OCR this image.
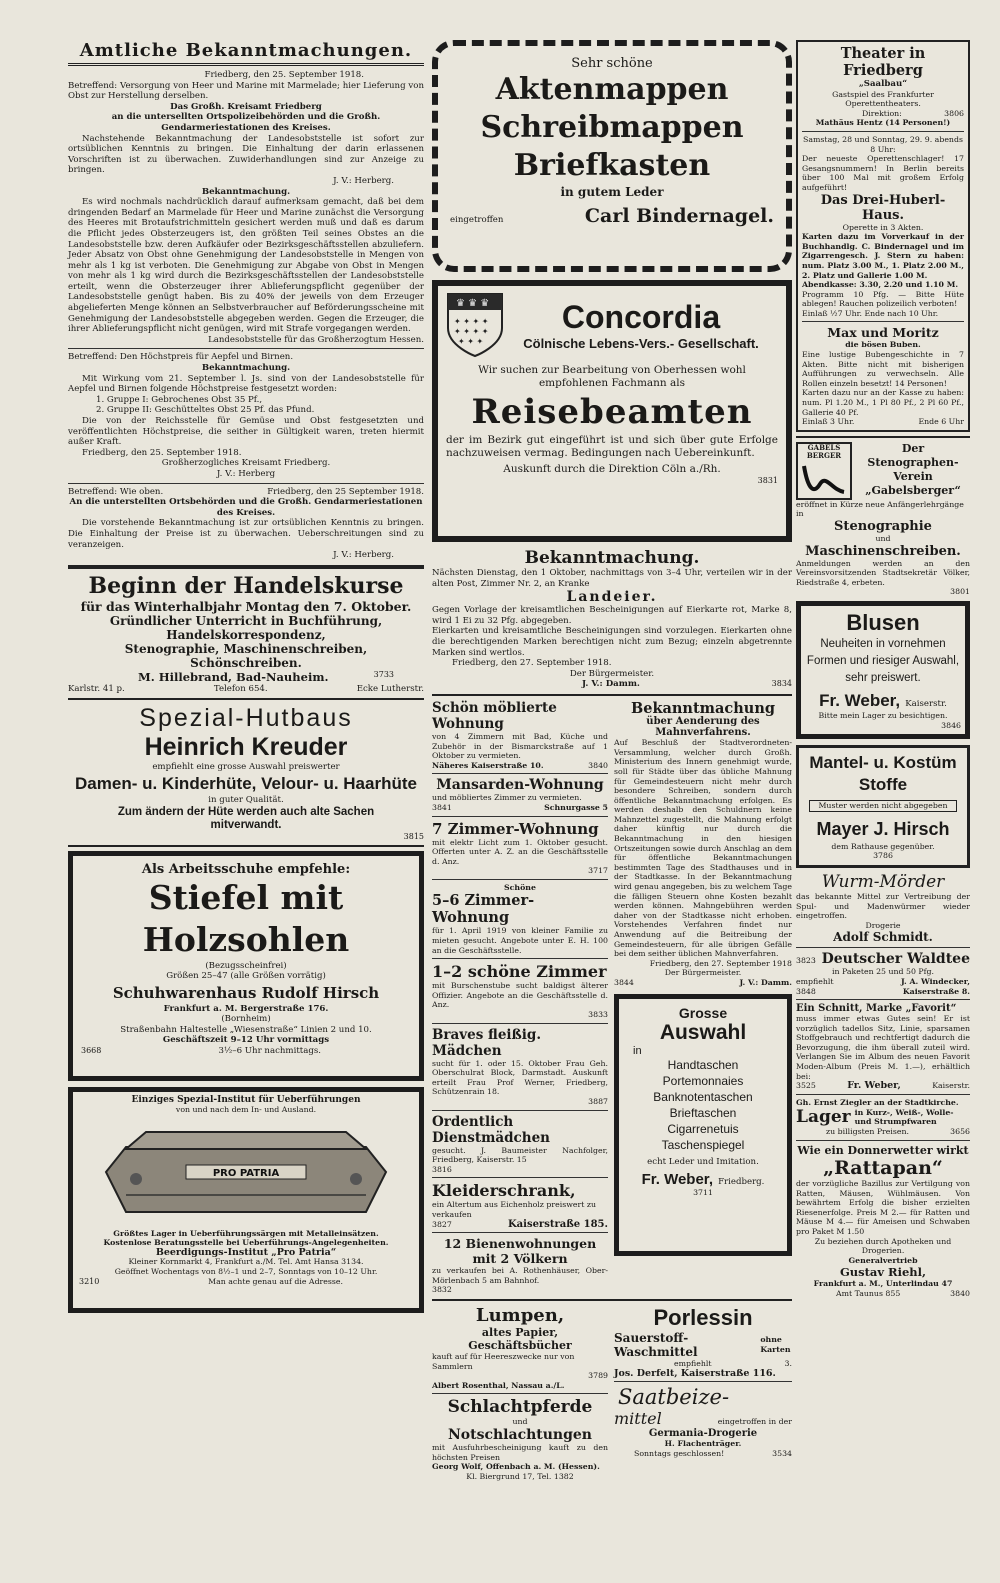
Amtliche Bekanntmachungen.

Friedberg, den 25. September 1918.

Betreffend: Versorgung von Heer und Marine mit Marmelade; hier Lieferung von Obst zur Herstellung derselben.

Das Großh. Kreisamt Friedberg

an die untersellten Ortspolizeibehörden und die Großh. Gendarmeriestationen des Kreises.

Nachstehende Bekanntmachung der Landesobststelle ist sofort zur ortsüblichen Kenntnis zu bringen. Die Einhaltung der darin erlassenen Vorschriften ist zu überwachen. Zuwiderhandlungen sind zur Anzeige zu bringen.

J. V.: Herberg.

Bekanntmachung.

Es wird nochmals nachdrücklich darauf aufmerksam gemacht, daß bei dem dringenden Bedarf an Marmelade für Heer und Marine zunächst die Versorgung des Heeres mit Brotaufstrichmitteln gesichert werden muß und daß es darum die Pflicht jedes Obsterzeugers ist, den größten Teil seines Obstes an die Landesobststelle bzw. deren Aufkäufer oder Bezirksgeschäftsstellen abzuliefern. Jeder Absatz von Obst ohne Genehmigung der Landesobststelle in Mengen von mehr als 1 kg ist verboten. Die Genehmigung zur Abgabe von Obst in Mengen von mehr als 1 kg wird durch die Bezirksgeschäftsstellen der Landesobststelle erteilt, wenn die Obsterzeuger ihrer Ablieferungspflicht gegenüber der Landesobststelle genügt haben. Bis zu 40% der jeweils von dem Erzeuger abgelieferten Menge können an Selbstverbraucher auf Beförderungsscheine mit Genehmigung der Landesobststelle abgegeben werden. Gegen die Erzeuger, die ihrer Ablieferungspflicht nicht genügen, wird mit Strafe vorgegangen werden.

Landesobststelle für das Großherzogtum Hessen.

Betreffend: Den Höchstpreis für Aepfel und Birnen.

Bekanntmachung.

Mit Wirkung vom 21. September l. Js. sind von der Landesobststelle für Aepfel und Birnen folgende Höchstpreise festgesetzt worden:

1. Gruppe I: Gebrochenes Obst 35 Pf.,

2. Gruppe II: Geschütteltes Obst 25 Pf. das Pfund.

Die von der Reichsstelle für Gemüse und Obst festgesetzten und veröffentlichten Höchstpreise, die seither in Gültigkeit waren, treten hiermit außer Kraft.

Friedberg, den 25. September 1918.

Großherzogliches Kreisamt Friedberg.

J. V.: Herberg

Betreffend: Wie oben.	Friedberg, den 25 September 1918.

An die unterstellten Ortsbehörden und die Großh. Gendarmeriestationen des Kreises.

Die vorstehende Bekanntmachung ist zur ortsüblichen Kenntnis zu bringen. Die Einhaltung der Preise ist zu überwachen. Ueberschreitungen sind zu veranzeigen.

J. V.: Herberg.

Beginn der Handelskurse
für das Winterhalbjahr Montag den 7. Oktober.
Gründlicher Unterricht in Buchführung, Handelskorrespondenz,
Stenographie, Maschinenschreiben, Schönschreiben.
M. Hillebrand, Bad-Nauheim.	3733
Karlstr. 41 p.	Telefon 654.	Ecke Lutherstr.
Spezial-Hutbaus
Heinrich Kreuder
empfiehlt eine grosse Auswahl preiswerter
Damen- u. Kinderhüte, Velour- u. Haarhüte
in guter Qualität.
Zum ändern der Hüte werden auch alte Sachen mitverwandt.
3815
Als Arbeitsschuhe empfehle:
Stiefel mit Holzsohlen
(Bezugsscheinfrei)
Größen 25–47 (alle Größen vorrätig)
Schuhwarenhaus Rudolf Hirsch
Frankfurt a. M. Bergerstraße 176.
(Bornheim)
Straßenbahn Haltestelle „Wiesenstraße“ Linien 2 und 10.
Geschäftszeit 9–12 Uhr vormittags
3668	3½–6 Uhr nachmittags.
Einziges Spezial-Institut für Ueberführungen
von und nach dem In- und Ausland.
PRO PATRIA
Größtes Lager in Ueberführungssärgen mit Metalleinsätzen.
Kostenlose Beratungsstelle bei Ueberführungs-Angelegenheiten.
Beerdigungs-Institut „Pro Patria“
Kleiner Kornmarkt 4, Frankfurt a./M. Tel. Amt Hansa 3134.
Geöffnet Wochentags von 8½–1 und 2–7, Sonntags von 10–12 Uhr.
3210	Man achte genau auf die Adresse.
Sehr schöne
Aktenmappen
Schreibmappen
Briefkasten
in gutem Leder
eingetroffen	Carl Bindernagel.
♛ ♛ ♛
✦ ✦ ✦ ✦
✦ ✦ ✦ ✦
✦ ✦ ✦
Concordia
Cölnische Lebens-Vers.- Gesellschaft.
Wir suchen zur Bearbeitung von Oberhessen wohl empfohlenen Fachmann als
Reisebeamten
der im Bezirk gut eingeführt ist und sich über gute Erfolge nachzuweisen vermag. Bedingungen nach Uebereinkunft.
Auskunft durch die Direktion Cöln a./Rh.
3831
Bekanntmachung.
Nächsten Dienstag, den 1 Oktober, nachmittags von 3–4 Uhr, verteilen wir in der alten Post, Zimmer Nr. 2, an Kranke
Landeier.
Gegen Vorlage der kreisamtlichen Bescheinigungen auf Eierkarte rot, Marke 8, wird 1 Ei zu 32 Pfg. abgegeben.
Eierkarten und kreisamtliche Bescheinigungen sind vorzulegen. Eierkarten ohne die berechtigenden Marken berechtigen nicht zum Bezug; einzeln abgetrennte Marken sind wertlos.
Friedberg, den 27. September 1918.
Der Bürgermeister.
J. V.: Damm.	3834
Schön möblierte Wohnung
von 4 Zimmern mit Bad, Küche und Zubehör in der Bismarckstraße auf 1 Oktober zu vermieten.
Näheres Kaiserstraße 10.	3840
Mansarden-Wohnung
und möbliertes Zimmer zu vermieten.
3841	Schnurgasse 5
7 Zimmer-Wohnung
mit elektr Licht zum 1. Oktober gesucht. Offerten unter A. Z. an die Geschäftsstelle d. Anz.
3717
Schöne
5–6 Zimmer-Wohnung
für 1. April 1919 von kleiner Familie zu mieten gesucht. Angebote unter E. H. 100 an die Geschäftsstelle.
1–2 schöne Zimmer
mit Burschenstube sucht baldigst älterer Offizier. Angebote an die Geschäftsstelle d. Anz.
3833
Braves fleißig. Mädchen
sucht für 1. oder 15. Oktober Frau Geh. Oberschulrat Block, Darmstadt. Auskunft erteilt Frau Prof Werner, Friedberg, Schützenrain 18.
3887
Ordentlich Dienstmädchen
gesucht. J. Baumeister Nachfolger, Friedberg, Kaiserstr. 15
3816
Kleiderschrank,
ein Altertum aus Eichenholz preiswert zu verkaufen
3827	Kaiserstraße 185.
12 Bienenwohnungen mit 2 Völkern
zu verkaufen bei A. Rothenhäuser, Ober-Mörlenbach 5 am Bahnhof.
3832
Bekanntmachung
über Aenderung des Mahnverfahrens.
Auf Beschluß der Stadtverordneten-Versammlung, welcher durch Großh. Ministerium des Innern genehmigt wurde, soll für Städte über das übliche Mahnung für Gemeindesteuern nicht mehr durch besondere Schreiben, sondern durch öffentliche Bekanntmachung erfolgen. Es werden deshalb den Schuldnern keine Mahnzettel zugestellt, die Mahnung erfolgt daher künftig nur durch die Bekanntmachung in den hiesigen Ortszeitungen sowie durch Anschlag an dem für öffentliche Bekanntmachungen bestimmten Tage des Stadthauses und in der Stadtkasse. In der Bekanntmachung wird genau angegeben, bis zu welchem Tage die fälligen Steuern ohne Kosten bezahlt werden können. Mahngebühren werden daher von der Stadtkasse nicht erhoben. Vorstehendes Verfahren findet nur Anwendung auf die Beitreibung der Gemeindesteuern, für alle übrigen Gefälle bei dem seither üblichen Mahnverfahren.
Friedberg, den 27. September 1918
Der Bürgermeister.
3844	J. V.: Damm.
Grosse
Auswahl
in
Handtaschen
Portemonnaies
Banknotentaschen
Brieftaschen
Cigarrenetuis
Taschenspiegel
echt Leder und Imitation.
Fr. Weber, Friedberg.
3711
Lumpen,
altes Papier, Geschäftsbücher
kauft auf für Heereszwecke nur von Sammlern
3789
Albert Rosenthal, Nassau a./L.
Schlachtpferde
und
Notschlachtungen
mit Ausfuhrbescheinigung kauft zu den höchsten Preisen
Georg Wolf, Offenbach a. M. (Hessen).
Kl. Biergrund 17, Tel. 1382
Porlessin
Sauerstoff-Waschmittel
ohne Karten
empfiehlt	3.
Jos. Derfelt, Kaiserstraße 116.
Saatbeize-
mittel	eingetroffen in der
Germania-Drogerie
H. Flachenträger.
Sonntags geschlossen!	3534
Theater in Friedberg
„Saalbau“
Gastspiel des Frankfurter Operettentheaters.
Direktion:	3806
Mathäus Hentz (14 Personen!)
Samstag, 28 und Sonntag, 29. 9. abends 8 Uhr:
Der neueste Operettenschlager! 17 Gesangsnummern! In Berlin bereits über 100 Mal mit großem Erfolg aufgeführt!
Das Drei-Huberl-Haus.
Operette in 3 Akten.
Karten dazu im Vorverkauf in der Buchhandlg. C. Bindernagel und im Zigarrengesch. J. Stern zu haben: num. Platz 3.00 M., 1. Platz 2.00 M., 2. Platz und Gallerie 1.00 M.
Abendkasse: 3.30, 2.20 und 1.10 M.
Programm 10 Pfg. — Bitte Hüte ablegen! Rauchen polizeilich verboten!
Einlaß ½7 Uhr. Ende nach 10 Uhr.
Max und Moritz
die bösen Buben.
Eine lustige Bubengeschichte in 7 Akten. Bitte nicht mit bisherigen Aufführungen zu verwechseln. Alle Rollen einzeln besetzt! 14 Personen!
Karten dazu nur an der Kasse zu haben: num. Pl 1.20 M., 1 Pl 80 Pf., 2 Pl 60 Pf., Gallerie 40 Pf.
Einlaß 3 Uhr.	Ende 6 Uhr
GABELS BERGER
Der Stenographen-Verein „Gabelsberger“
eröffnet in Kürze neue Anfängerlehrgänge in
Stenographie
und
Maschinenschreiben.
Anmeldungen werden an den Vereinsvorsitzenden Stadtsekretär Völker, Riedstraße 4, erbeten.
3801
Blusen
Neuheiten in vornehmen Formen und riesiger Auswahl, sehr preiswert.
Fr. Weber, Kaiserstr.
Bitte mein Lager zu besichtigen.
3846
Mantel- u. Kostüm Stoffe
Muster werden nicht abgegeben
Mayer J. Hirsch
dem Rathause gegenüber.
3786
Wurm-Mörder
das bekannte Mittel zur Vertreibung der Spul- und Madenwürmer wieder eingetroffen.
Drogerie
Adolf Schmidt.
3823 Deutscher Waldtee
in Paketen 25 und 50 Pfg.
empfiehlt	J. A. Windecker,
3848	Kaiserstraße 8.
Ein Schnitt, Marke „Favorit“
muss immer etwas Gutes sein! Er ist vorzüglich tadellos Sitz, Linie, sparsamen Stoffgebrauch und rechtfertigt dadurch die Bevorzugung, die ihm überall zuteil wird. Verlangen Sie im Album des neuen Favorit Moden-Album (Preis M. 1.—), erhältlich bei:
3525	Fr. Weber,	Kaiserstr.
Gh. Ernst Ziegler an der Stadtkirche.
Lager in Kurz-, Weiß-, Wolle- und Strumpfwaren
zu billigsten Preisen.	3656
Wie ein Donnerwetter wirkt
„Rattapan“
der vorzügliche Bazillus zur Vertilgung von Ratten, Mäusen, Wühlmäusen. Von bewährtem Erfolg die bisher erzielten Riesenerfolge. Preis M 2.— für Ratten und Mäuse M 4.— für Ameisen und Schwaben pro Paket M 1.50
Zu beziehen durch Apotheken und Drogerien.
Generalvertrieb
Gustav Riehl,
Frankfurt a. M., Unterlindau 47
Amt Taunus 855	3840
